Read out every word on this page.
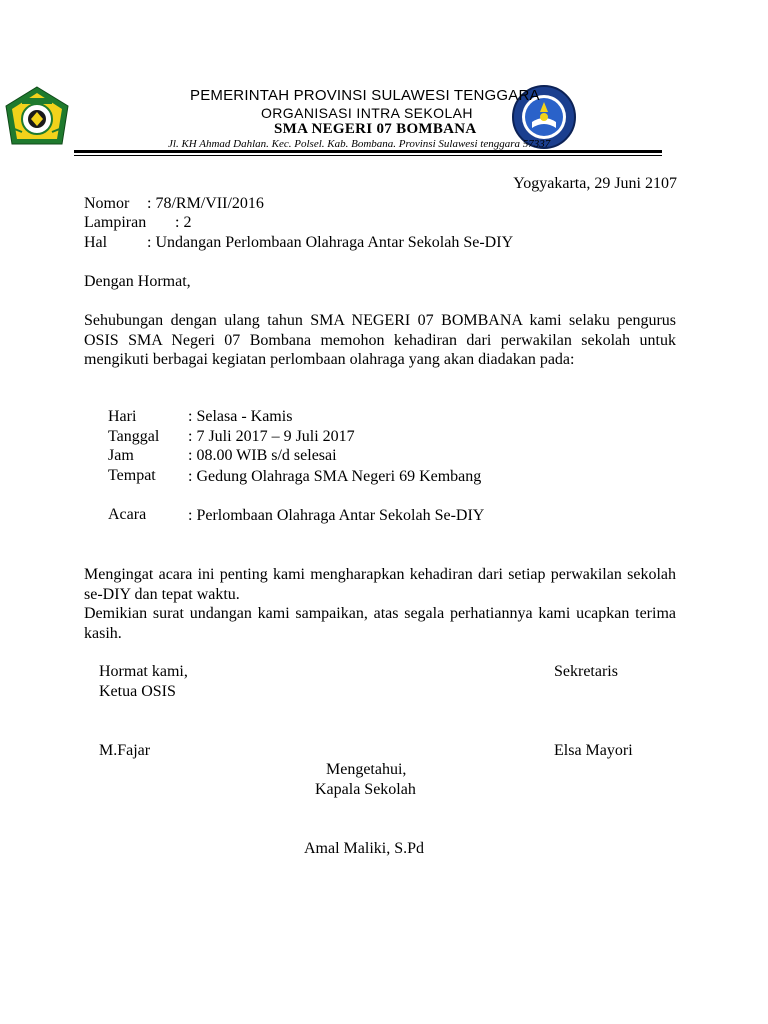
PEMERINTAH PROVINSI SULAWESI TENGGARA
ORGANISASI INTRA SEKOLAH
SMA NEGERI 07 BOMBANA
Jl. KH Ahmad Dahlan. Kec. Polsel. Kab. Bombana. Provinsi Sulawesi tenggara 57337
Yogyakarta, 29 Juni 2107
Nomor : 78/RM/VII/2016
Lampiran : 2
Hal : Undangan Perlombaan Olahraga Antar Sekolah Se-DIY
Dengan Hormat,
Sehubungan dengan ulang tahun SMA NEGERI 07 BOMBANA kami selaku pengurus OSIS SMA Negeri 07 Bombana memohon kehadiran dari perwakilan sekolah untuk mengikuti berbagai kegiatan perlombaan olahraga yang akan diadakan pada:
Hari	: Selasa - Kamis
Tanggal : 7 Juli 2017 – 9 Juli 2017
Jam	: 08.00 WIB s/d selesai
Tempat : Gedung Olahraga SMA Negeri 69 Kembang
Acara	: Perlombaan Olahraga Antar Sekolah Se-DIY
Mengingat acara ini penting kami mengharapkan kehadiran dari setiap perwakilan sekolah se-DIY dan tepat waktu.
Demikian surat undangan kami sampaikan, atas segala perhatiannya kami ucapkan terima kasih.
Hormat kami,
Ketua OSIS
Sekretaris
M.Fajar	Elsa Mayori
Mengetahui,
Kapala Sekolah
Amal Maliki, S.Pd
